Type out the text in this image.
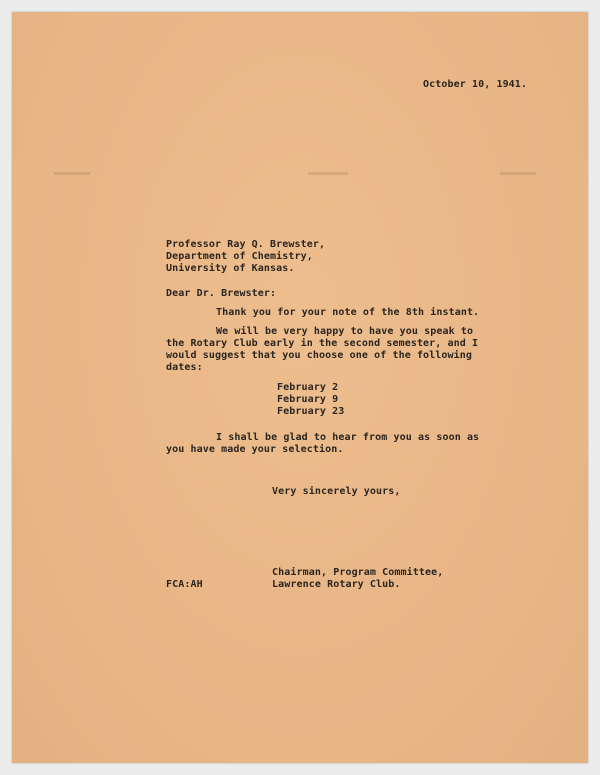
October 10, 1941.
Professor Ray Q. Brewster,
Department of Chemistry,
University of Kansas.
Dear Dr. Brewster:
Thank you for your note of the 8th instant.
We will be very happy to have you speak to
the Rotary Club early in the second semester, and I
would suggest that you choose one of the following
dates:
February 2
February 9
February 23
I shall be glad to hear from you as soon as
you have made your selection.
Very sincerely yours,
Chairman, Program Committee,
FCA:AH	Lawrence Rotary Club.
